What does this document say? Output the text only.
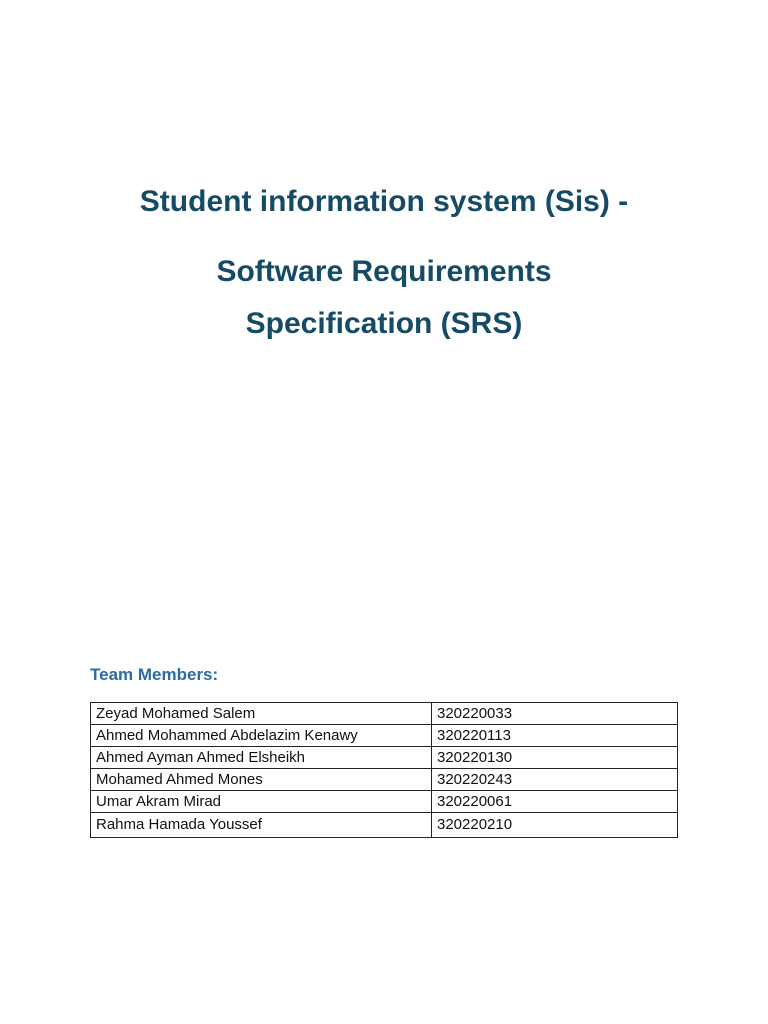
Student information system (Sis) -
Software Requirements
Specification (SRS)
Team Members:
Zeyad Mohamed Salem	320220033
Ahmed Mohammed Abdelazim Kenawy	320220113
Ahmed Ayman Ahmed Elsheikh	320220130
Mohamed Ahmed Mones	320220243
Umar Akram Mirad	320220061
Rahma Hamada Youssef	320220210
